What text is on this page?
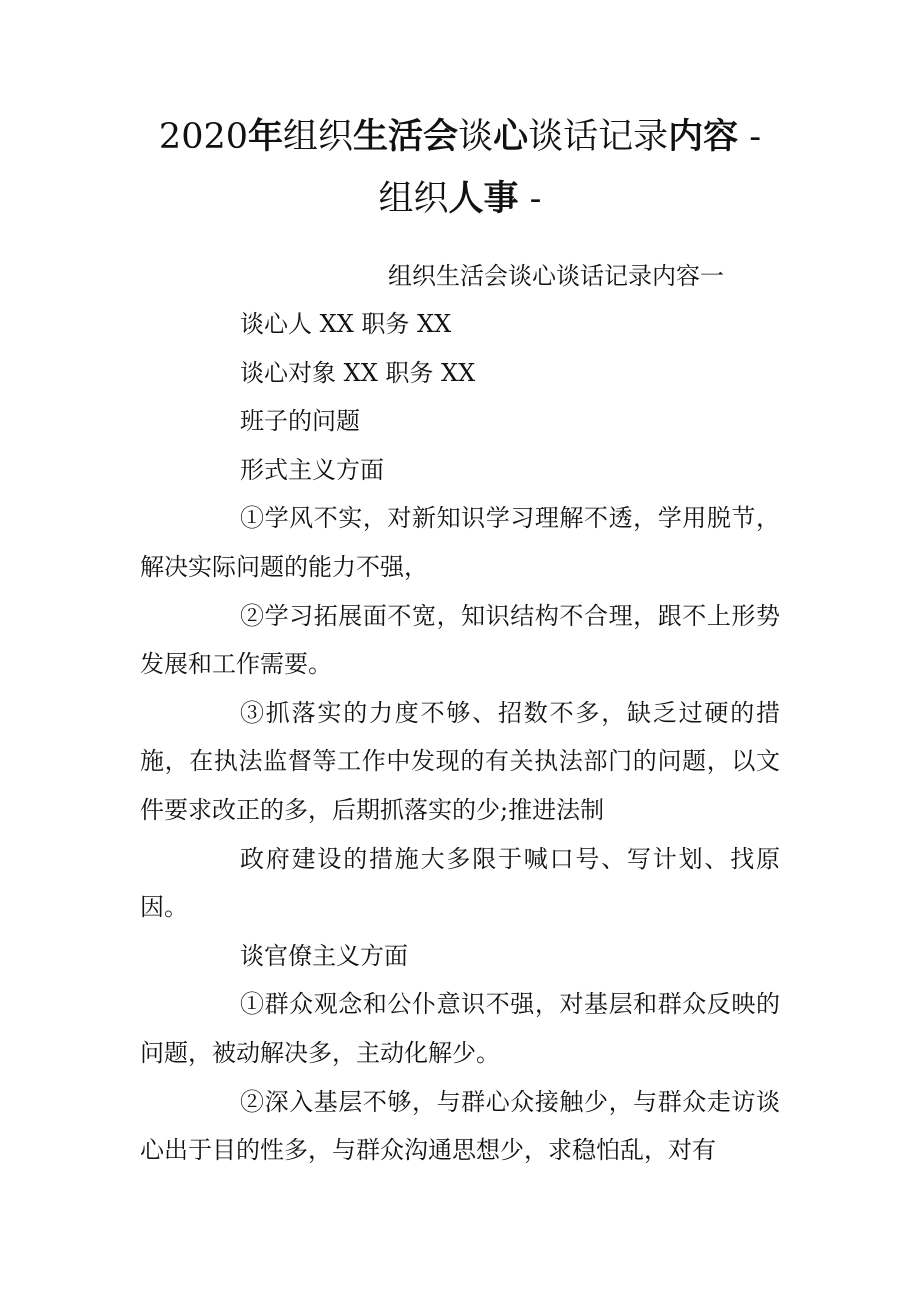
2020年组织生活会谈心谈话记录内容 - 组织人事 -

组织生活会谈心谈话记录内容一

谈心人 XX 职务 XX

谈心对象 XX 职务 XX

班子的问题

形式主义方面

①学风不实，对新知识学习理解不透，学用脱节，解决实际问题的能力不强，

②学习拓展面不宽，知识结构不合理，跟不上形势发展和工作需要。

③抓落实的力度不够、招数不多，缺乏过硬的措施，在执法监督等工作中发现的有关执法部门的问题，以文件要求改正的多，后期抓落实的少;推进法制

政府建设的措施大多限于喊口号、写计划、找原因。

谈官僚主义方面

①群众观念和公仆意识不强，对基层和群众反映的问题，被动解决多，主动化解少。

②深入基层不够，与群心众接触少，与群众走访谈心出于目的性多，与群众沟通思想少，求稳怕乱，对有
